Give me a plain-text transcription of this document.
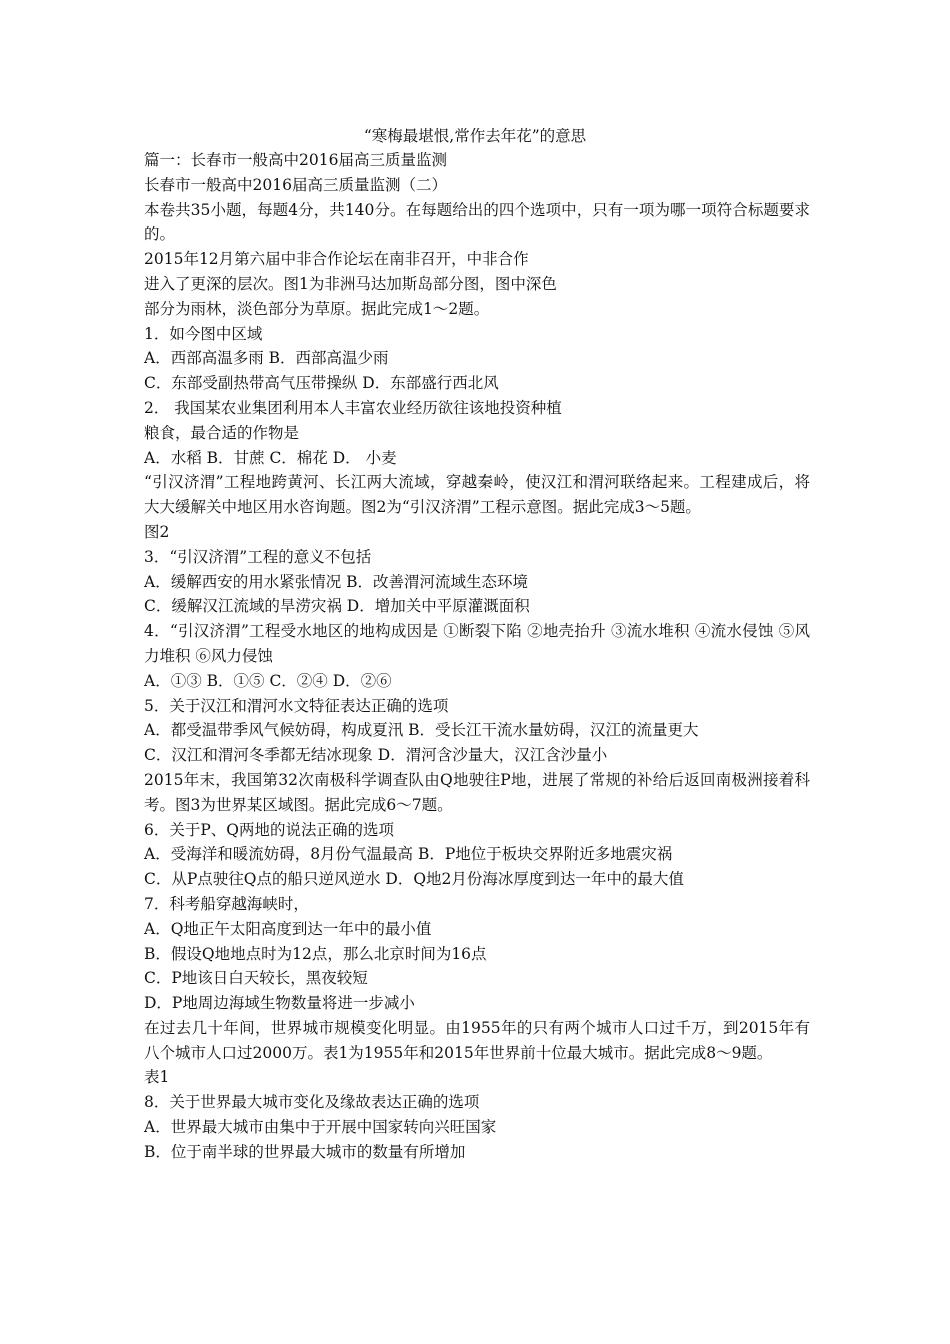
“寒梅最堪恨,常作去年花”的意思

篇一：长春市一般高中2016届高三质量监测

长春市一般高中2016届高三质量监测（二）

本卷共35小题，每题4分，共140分。在每题给出的四个选项中，只有一项为哪一项符合标题要求的。

2015年12月第六届中非合作论坛在南非召开，中非合作

进入了更深的层次。图1为非洲马达加斯岛部分图，图中深色

部分为雨林，淡色部分为草原。据此完成1～2题。

1．如今图中区域

A．西部高温多雨 B．西部高温少雨

C．东部受副热带高气压带操纵 D．东部盛行西北风

2． 我国某农业集团利用本人丰富农业经历欲往该地投资种植

粮食，最合适的作物是

A．水稻 B．甘蔗 C．棉花 D． 小麦

“引汉济渭”工程地跨黄河、长江两大流域，穿越秦岭，使汉江和渭河联络起来。工程建成后，将大大缓解关中地区用水咨询题。图2为“引汉济渭”工程示意图。据此完成3～5题。

图2

3．“引汉济渭”工程的意义不包括

A．缓解西安的用水紧张情况 B．改善渭河流域生态环境

C．缓解汉江流域的旱涝灾祸 D．增加关中平原灌溉面积

4．“引汉济渭”工程受水地区的地构成因是 ①断裂下陷 ②地壳抬升 ③流水堆积 ④流水侵蚀 ⑤风力堆积 ⑥风力侵蚀

A．①③ B．①⑤ C．②④ D．②⑥

5．关于汉江和渭河水文特征表达正确的选项

A．都受温带季风气候妨碍，构成夏汛 B．受长江干流水量妨碍，汉江的流量更大

C．汉江和渭河冬季都无结冰现象 D．渭河含沙量大，汉江含沙量小

2015年末，我国第32次南极科学调查队由Q地驶往P地，进展了常规的补给后返回南极洲接着科考。图3为世界某区域图。据此完成6～7题。

6．关于P、Q两地的说法正确的选项

A．受海洋和暖流妨碍，8月份气温最高 B．P地位于板块交界附近多地震灾祸

C．从P点驶往Q点的船只逆风逆水 D．Q地2月份海冰厚度到达一年中的最大值

7．科考船穿越海峡时，

A．Q地正午太阳高度到达一年中的最小值

B．假设Q地地点时为12点，那么北京时间为16点

C．P地该日白天较长，黑夜较短

D．P地周边海域生物数量将进一步减小

在过去几十年间，世界城市规模变化明显。由1955年的只有两个城市人口过千万，到2015年有八个城市人口过2000万。表1为1955年和2015年世界前十位最大城市。据此完成8～9题。

表1

8．关于世界最大城市变化及缘故表达正确的选项

A．世界最大城市由集中于开展中国家转向兴旺国家

B．位于南半球的世界最大城市的数量有所增加
